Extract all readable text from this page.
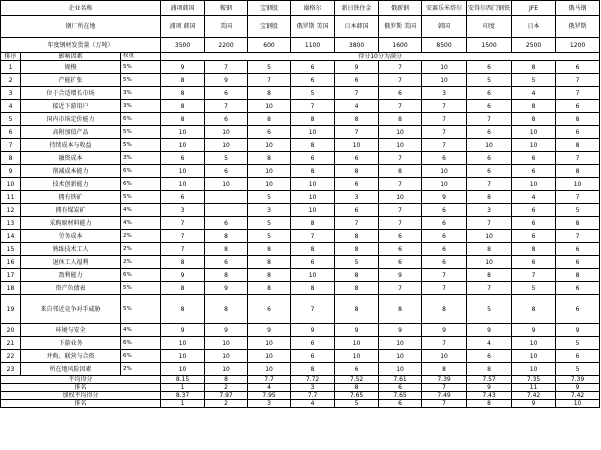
企业名称			浦项韩国	鞍钢	宝钢股	谢格尔	新日铁住金	俄新钢	安赛乐米塔尔	安得尔西门钢铁	JFE	俄马钢
钢厂所在地			浦项 韩国	美国	宝钢股	俄罗斯 美国	日本韩国	俄罗斯 美国	韩国	印度	日本	俄罗斯
年度钢材发货量（万吨）			3500	2200	600	1100	3800	1600	8500	1500	2500	1200
排序	影响因素	权重	得分10分为满分									
1	规模	5%	9	7	5	6	9	7	10	6	8	6
2	产能扩张	5%	8	9	7	6	6	7	10	5	5	7
3	位于合适增长市场	3%	8	6	8	5	7	6	3	6	4	7
4	接近下游用户	3%	8	7	10	7	4	7	7	6	8	6
5	国内市场定价能力	6%	8	6	8	8	8	8	7	7	8	8
6	高附加值产品	5%	10	10	6	10	7	10	7	6	10	6
7	持续成本与收益	5%	10	10	10	8	10	10	7	10	10	8
8	融资成本	3%	6	5	8	6	6	7	6	6	6	7
9	削减成本能力	6%	10	6	10	8	8	8	10	6	6	8
10	技术创新能力	6%	10	10	10	10	6	7	10	7	10	10
11	拥有铁矿	5%	6		5	10	3	10	9	8	4	7
12	拥有煤炭矿	4%	3		3	10	6	7	6	3	6	5
13	采购原材料能力	4%	7	6	5	8	7	7	6	7	6	8
14	劳务成本	2%	7	8	5	7	8	6	6	10	6	7
15	熟练技术工人	2%	7	8	8	8	8	6	6	8	8	6
16	退休工人福利	2%	8	6	8	6	5	6	6	10	6	6
17	盈利能力	6%	9	8	8	10	8	9	7	8	7	8
18	资产负债表	5%	8	9	8	8	8	7	7	7	5	6
19	来自邻近竞争对手威胁	5%	8	8	6	7	8	8	8	5	8	6
20	环境与安全	4%	9	9	9	9	9	9	9	9	9	9
21	下游业务	6%	10	10	10	6	10	10	7	4	10	5
22	并购、联营与合资	6%	10	10	10	6	10	10	10	6	10	6
23	所在地风险因素	2%	10	10	10	8	6	10	8	8	10	5
平均得分			8.15	8	7.7	7.72	7.52	7.61	7.39	7.57	7.35	7.39
排名			1	2	4	3	8	6	7	9	11	9
加权平均得分			8.37	7.97	7.95	7.7	7.65	7.65	7.49	7.43	7.42	7.42
排名			1	2	3	4	5	6	7	8	9	10
